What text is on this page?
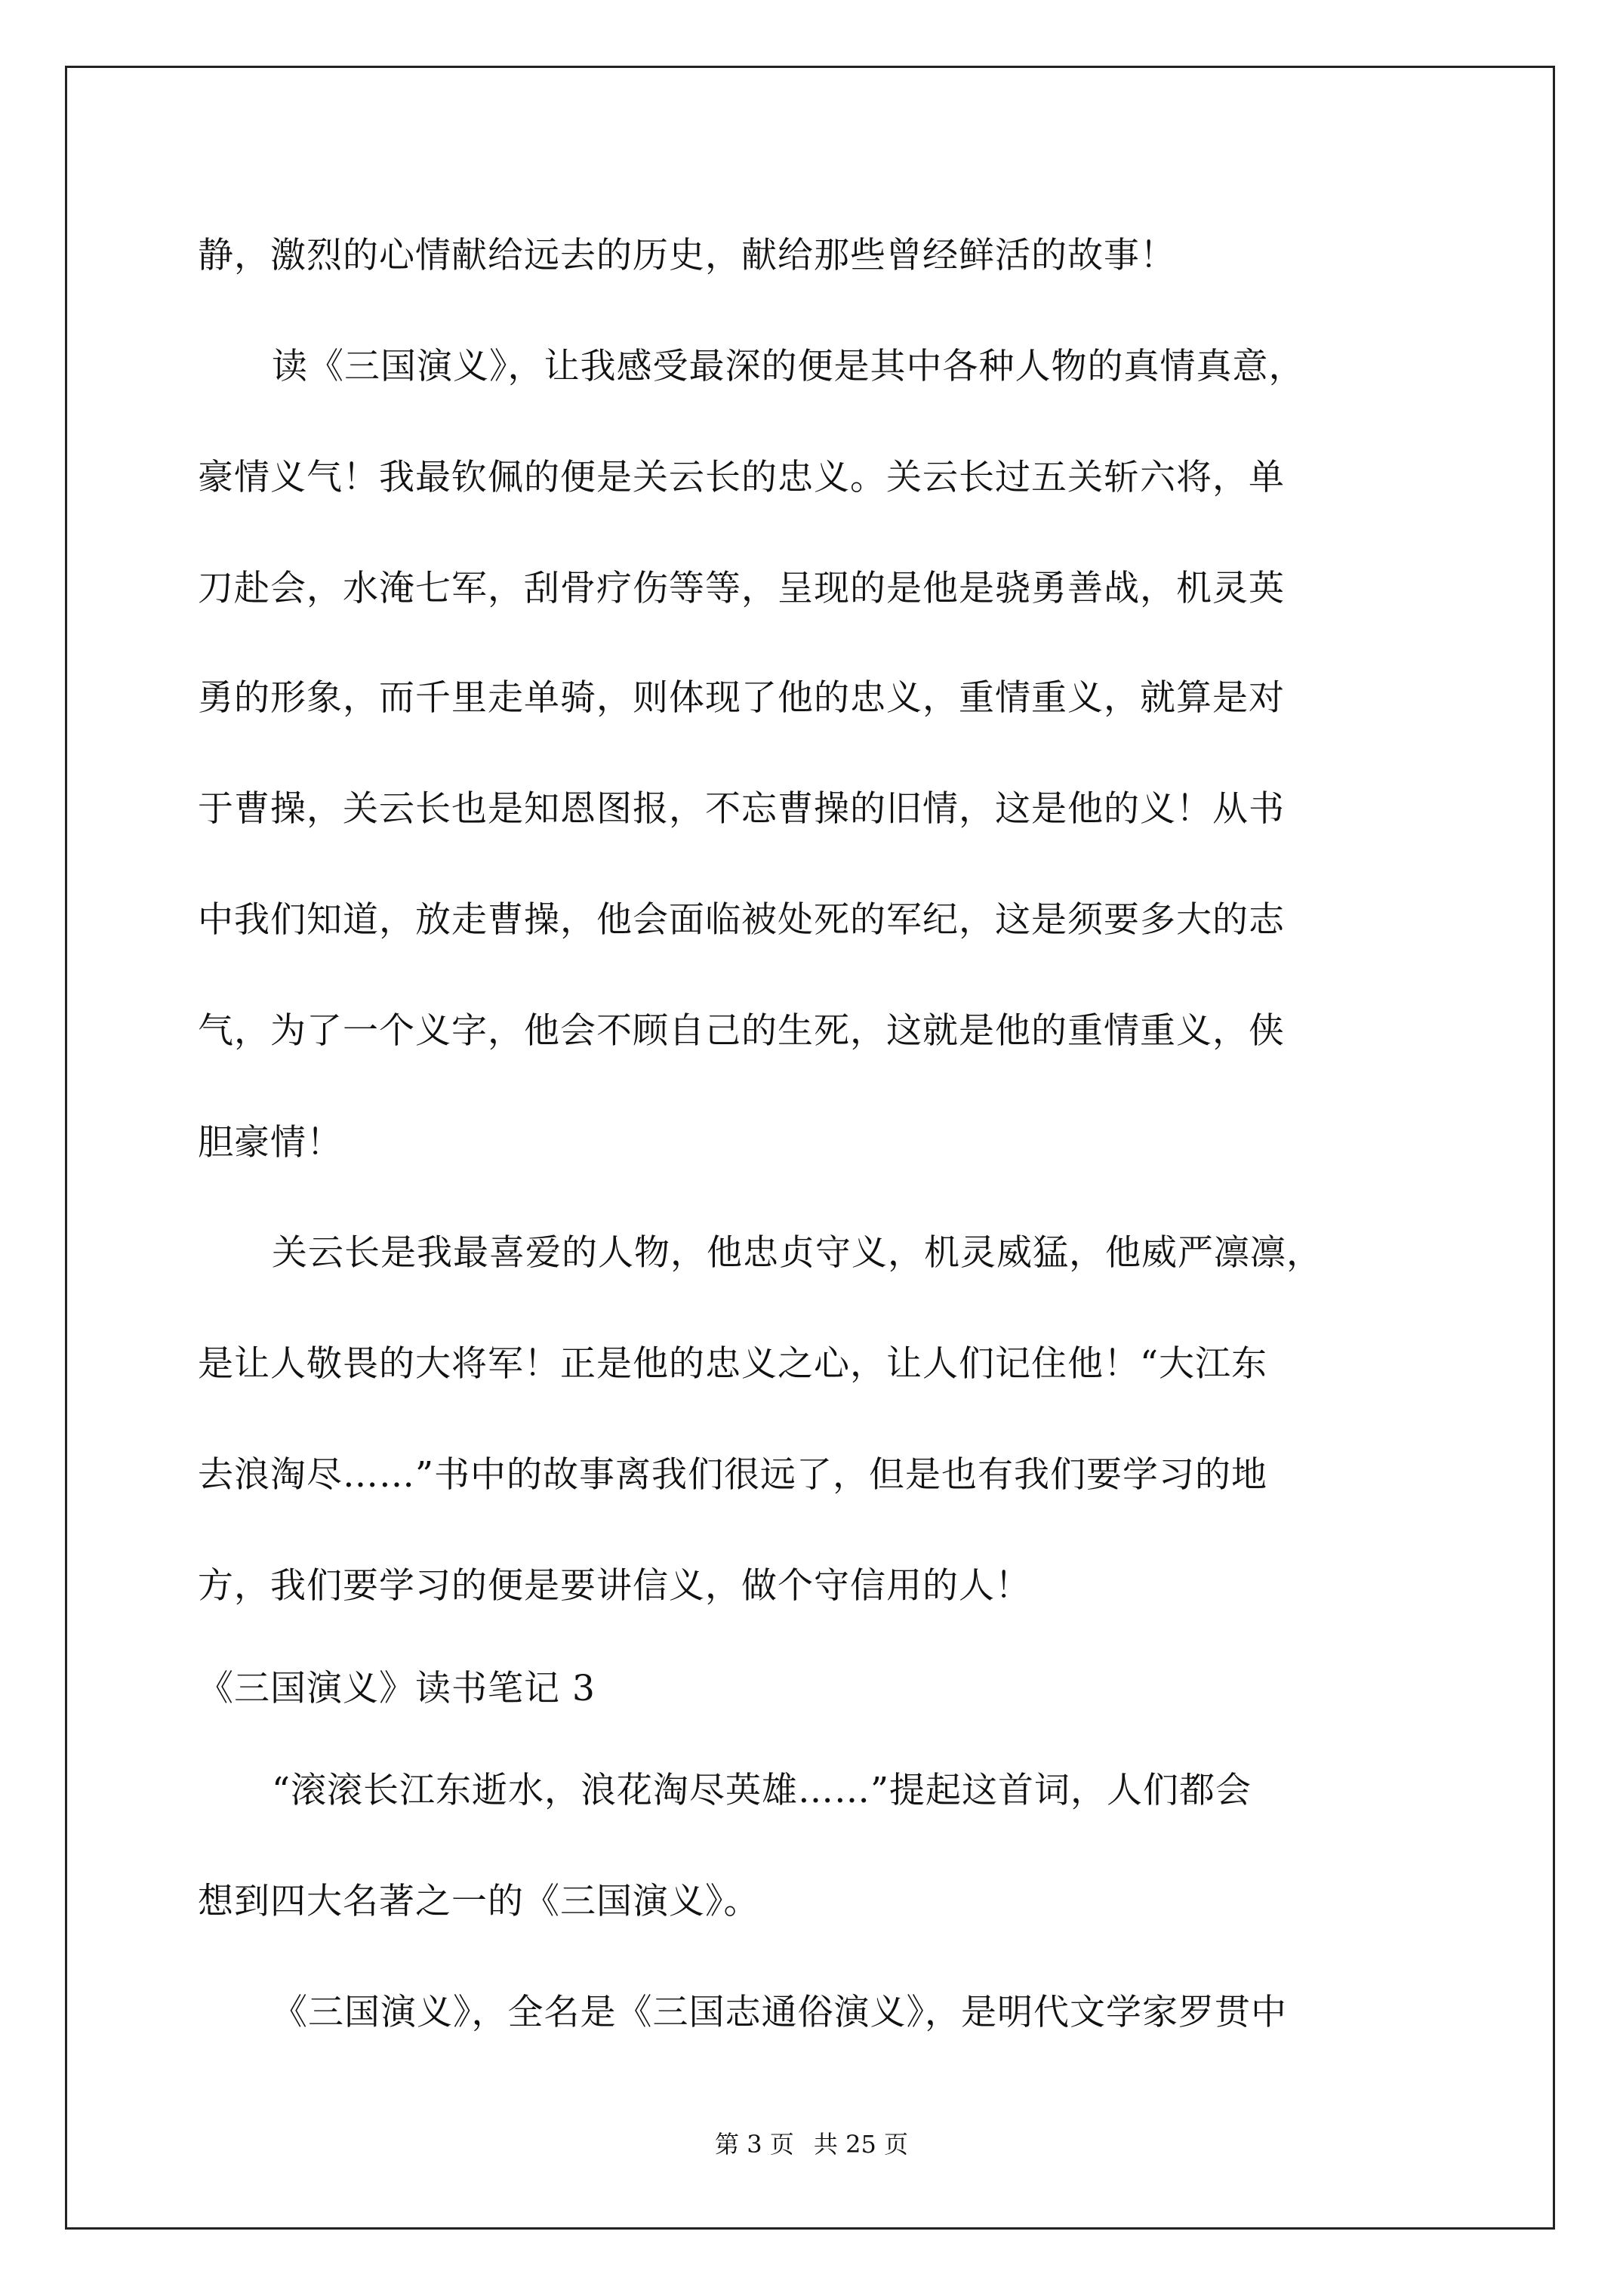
静，激烈的心情献给远去的历史，献给那些曾经鲜活的故事！
读《三国演义》，让我感受最深的便是其中各种人物的真情真意，
豪情义气！我最钦佩的便是关云长的忠义。关云长过五关斩六将，单
刀赴会，水淹七军，刮骨疗伤等等，呈现的是他是骁勇善战，机灵英
勇的形象，而千里走单骑，则体现了他的忠义，重情重义，就算是对
于曹操，关云长也是知恩图报，不忘曹操的旧情，这是他的义！从书
中我们知道，放走曹操，他会面临被处死的军纪，这是须要多大的志
气，为了一个义字，他会不顾自己的生死，这就是他的重情重义，侠
胆豪情！
关云长是我最喜爱的人物，他忠贞守义，机灵威猛，他威严凛凛，
是让人敬畏的大将军！正是他的忠义之心，让人们记住他！“大江东
去浪淘尽……”书中的故事离我们很远了，但是也有我们要学习的地
方，我们要学习的便是要讲信义，做个守信用的人！
《三国演义》读书笔记 3
“滚滚长江东逝水，浪花淘尽英雄……”提起这首词，人们都会
想到四大名著之一的《三国演义》。
《三国演义》，全名是《三国志通俗演义》，是明代文学家罗贯中
第 3 页 共 25 页
